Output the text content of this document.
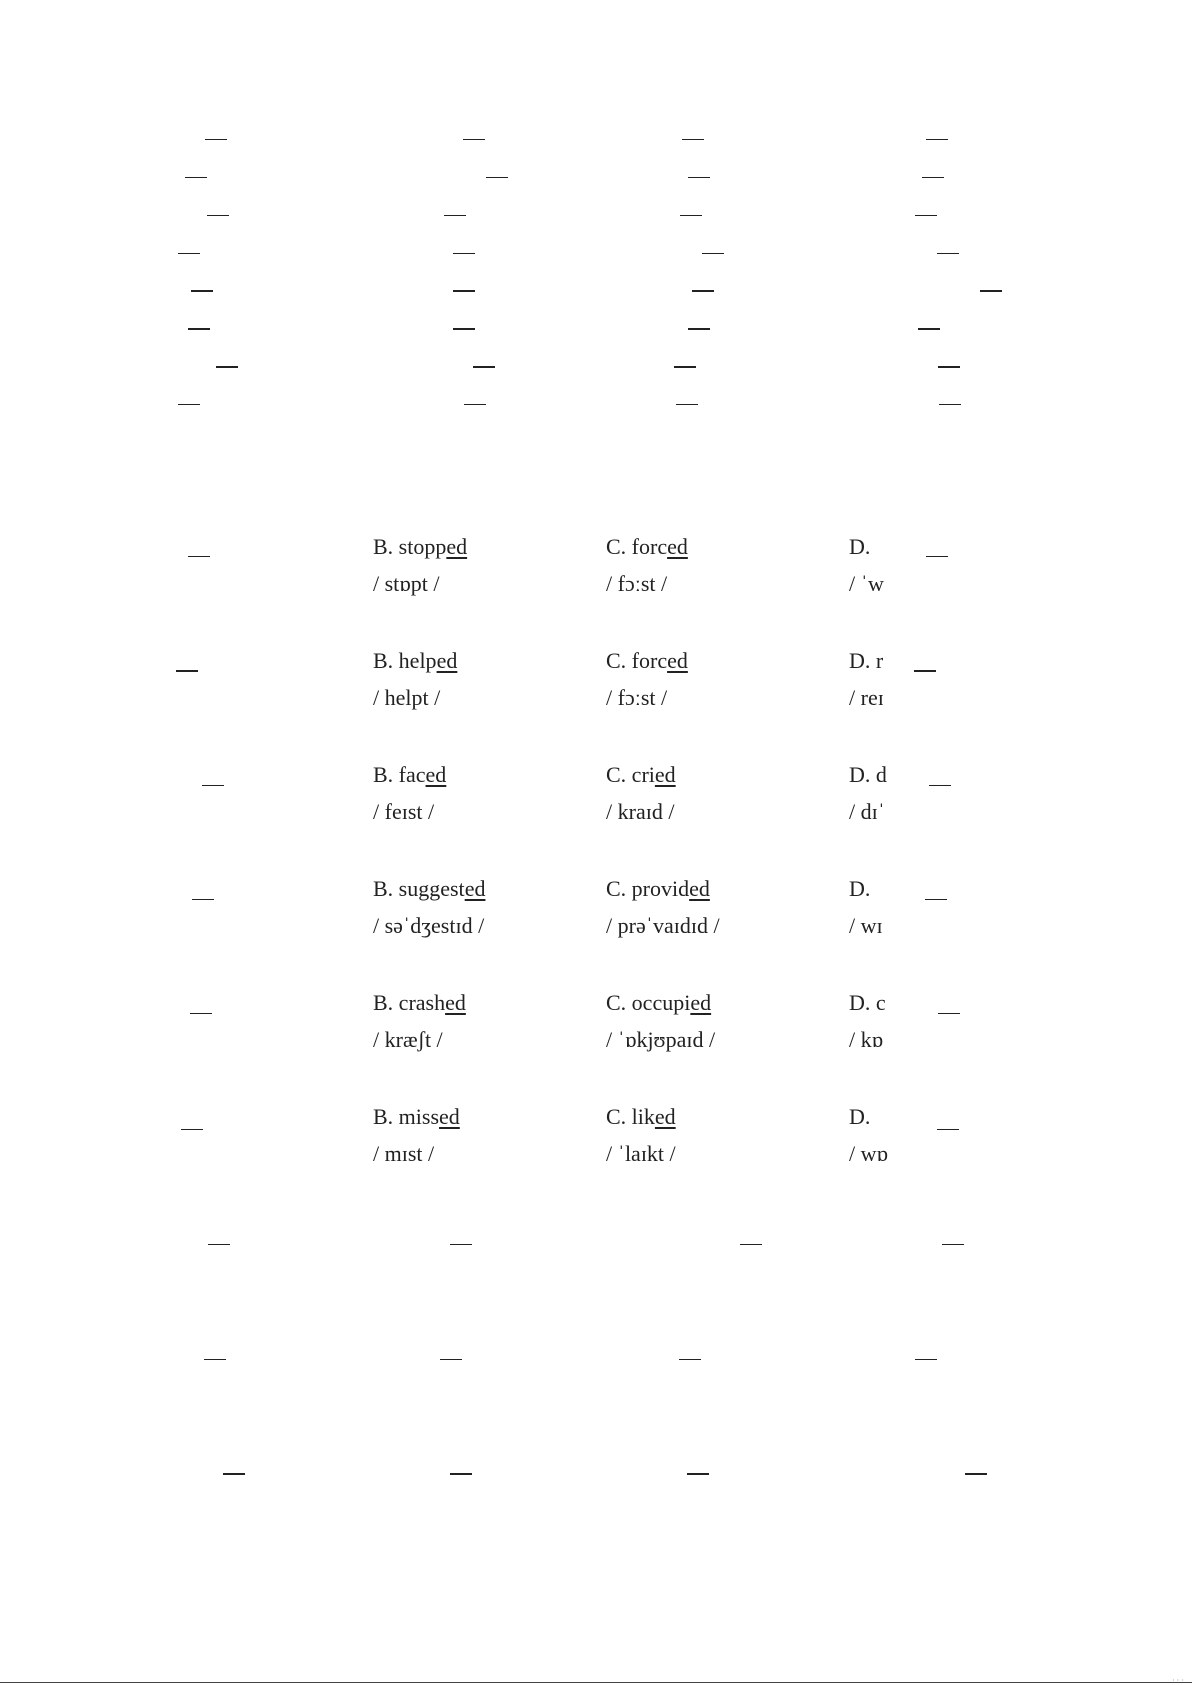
B. stopped
/ stɒpt /
C. forced
/ fɔːst /
D.
/ ˈw
B. helped
/ helpt /
C. forced
/ fɔːst /
D. r
/ reɪ
B. faced
/ feɪst /
C. cried
/ kraɪd /
D. d
/ dɪˈ
B. suggested
/ səˈdʒestɪd /
C. provided
/ prəˈvaɪdɪd /
D.
/ wɪ
B. crashed
/ kræʃt /
C. occupied
/ ˈɒkjʊpaɪd /
D. c
/ kɒ
B. missed
/ mɪst /
C. liked
/ ˈlaɪkt /
D.
/ wɒ
· · ·
